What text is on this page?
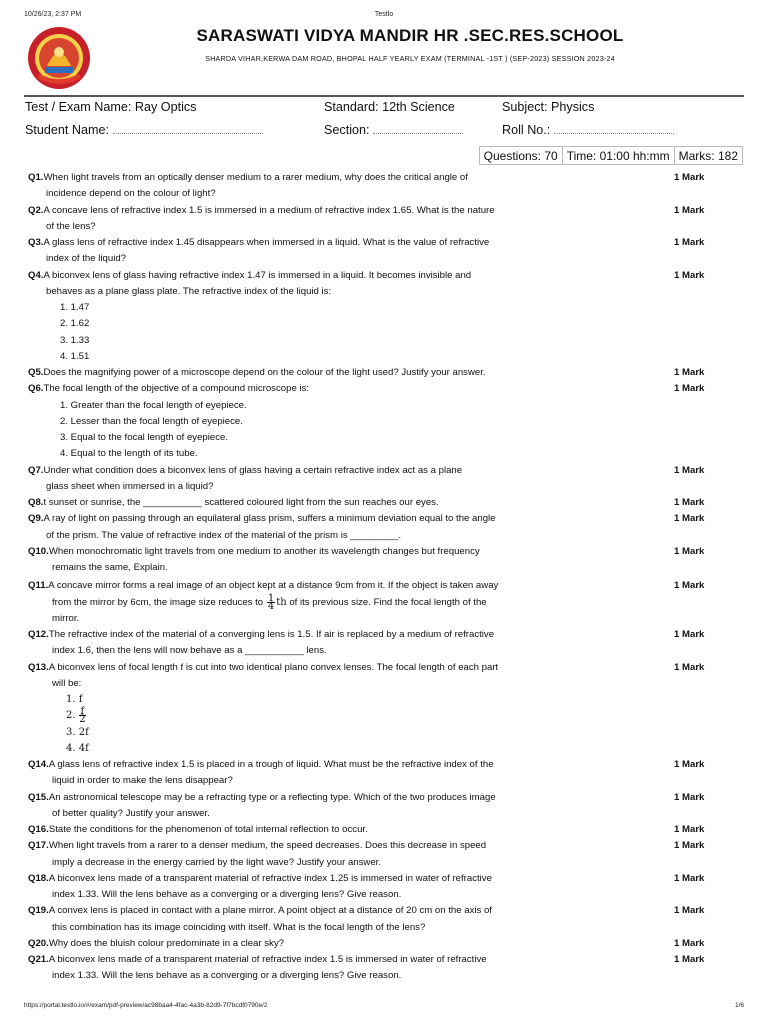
10/26/23, 2:37 PM	Testlo
SARASWATI VIDYA MANDIR HR .SEC.RES.SCHOOL
SHARDA VIHAR,KERWA DAM ROAD, BHOPAL HALF YEARLY EXAM (TERMINAL -1ST ) (SEP-2023) SESSION 2023-24
Test / Exam Name: Ray Optics	Standard: 12th Science	Subject: Physics
Student Name:	Section:	Roll No.:
Questions: 70 Time: 01:00 hh:mm Marks: 182
Q1.When light travels from an optically denser medium to a rarer medium, why does the critical angle of
incidence depend on the colour of light?
1 Mark
Q2.A concave lens of refractive index 1.5 is immersed in a medium of refractive index 1.65. What is the nature
of the lens?
1 Mark
Q3.A glass lens of refractive index 1.45 disappears when immersed in a liquid. What is the value of refractive
index of the liquid?
1 Mark
Q4.A biconvex lens of glass having refractive index 1.47 is immersed in a liquid. It becomes invisible and
behaves as a plane glass plate. The refractive index of the liquid is:
1. 1.47
2. 1.62
3. 1.33
4. 1.51
1 Mark
Q5.Does the magnifying power of a microscope depend on the colour of the light used? Justify your answer.	1 Mark
Q6.The focal length of the objective of a compound microscope is:
1. Greater than the focal length of eyepiece.
2. Lesser than the focal length of eyepiece.
3. Equal to the focal length of eyepiece.
4. Equal to the length of its tube.
1 Mark
Q7.Under what condition does a biconvex lens of glass having a certain refractive index act as a plane
glass sheet when immersed in a liquid?
1 Mark
Q8.t sunset or sunrise, the ___________ scattered coloured light from the sun reaches our eyes.	1 Mark
Q9.A ray of light on passing through an equilateral glass prism, suffers a minimum deviation equal to the angle
of the prism. The value of refractive index of the material of the prism is _________.
1 Mark
Q10.When monochromatic light travels from one medium to another its wavelength changes but frequency
remains the same, Explain.
1 Mark
Q11.A concave mirror forms a real image of an object kept at a distance 9cm from it. If the object is taken away
from the mirror by 6cm, the image size reduces to $\frac{1}{4}$ th of its previous size. Find the focal length of the
mirror.
1 Mark
Q12.The refractive index of the material of a converging lens is 1.5. If air is replaced by a medium of refractive
index 1.6, then the lens will now behave as a ___________ lens.
1 Mark
Q13.A biconvex lens of focal length f is cut into two identical plano convex lenses. The focal length of each part
will be:
1. f
2. $\frac{f}{2}$
3. 2f
4. 4f
1 Mark
Q14.A glass lens of refractive index 1.5 is placed in a trough of liquid. What must be the refractive index of the
liquid in order to make the lens disappear?
1 Mark
Q15.An astronomical telescope may be a refracting type or a reflecting type. Which of the two produces image
of better quality? Justify your answer.
1 Mark
Q16.State the conditions for the phenomenon of total internal reflection to occur.	1 Mark
Q17.When light travels from a rarer to a denser medium, the speed decreases. Does this decrease in speed
imply a decrease in the energy carried by the light wave? Justify your answer.
1 Mark
Q18.A biconvex lens made of a transparent material of refractive index 1.25 is immersed in water of refractive
index 1.33. Will the lens behave as a converging or a diverging lens? Give reason.
1 Mark
Q19.A convex lens is placed in contact with a plane mirror. A point object at a distance of 20 cm on the axis of
this combination has its image coinciding with itself. What is the focal length of the lens?
1 Mark
Q20.Why does the bluish colour predominate in a clear sky?	1 Mark
Q21.A biconvex lens made of a transparent material of refractive index 1.5 is immersed in water of refractive
index 1.33. Will the lens behave as a converging or a diverging lens? Give reason.
1 Mark
https://portal.testlo.io/#/exam/pdf-preview/ac98baa4-4fac-4a3b-82d9-7f7bcdf0790e/2	1/6
